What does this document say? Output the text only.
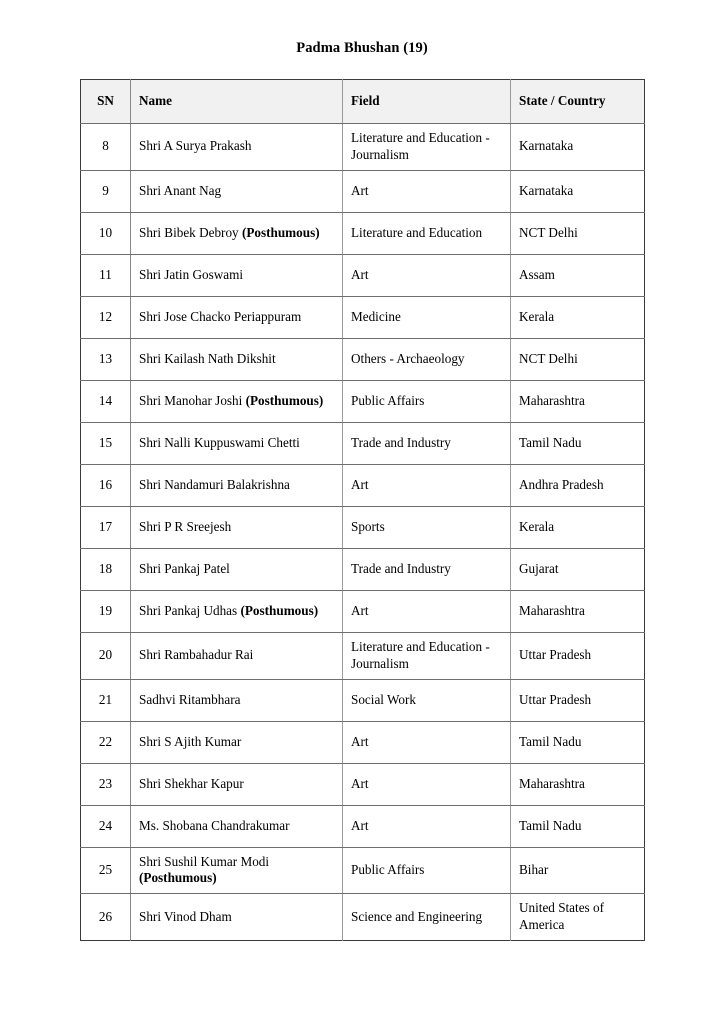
Padma Bhushan (19)
SN	Name	Field	State / Country
8	Shri A Surya Prakash	Literature and Education - Journalism	Karnataka
9	Shri Anant Nag	Art	Karnataka
10	Shri Bibek Debroy (Posthumous)	Literature and Education	NCT Delhi
11	Shri Jatin Goswami	Art	Assam
12	Shri Jose Chacko Periappuram	Medicine	Kerala
13	Shri Kailash Nath Dikshit	Others - Archaeology	NCT Delhi
14	Shri Manohar Joshi (Posthumous)	Public Affairs	Maharashtra
15	Shri Nalli Kuppuswami Chetti	Trade and Industry	Tamil Nadu
16	Shri Nandamuri Balakrishna	Art	Andhra Pradesh
17	Shri P R Sreejesh	Sports	Kerala
18	Shri Pankaj Patel	Trade and Industry	Gujarat
19	Shri Pankaj Udhas (Posthumous)	Art	Maharashtra
20	Shri Rambahadur Rai	Literature and Education - Journalism	Uttar Pradesh
21	Sadhvi Ritambhara	Social Work	Uttar Pradesh
22	Shri S Ajith Kumar	Art	Tamil Nadu
23	Shri Shekhar Kapur	Art	Maharashtra
24	Ms. Shobana Chandrakumar	Art	Tamil Nadu
25	Shri Sushil Kumar Modi (Posthumous)	Public Affairs	Bihar
26	Shri Vinod Dham	Science and Engineering	United States of America
